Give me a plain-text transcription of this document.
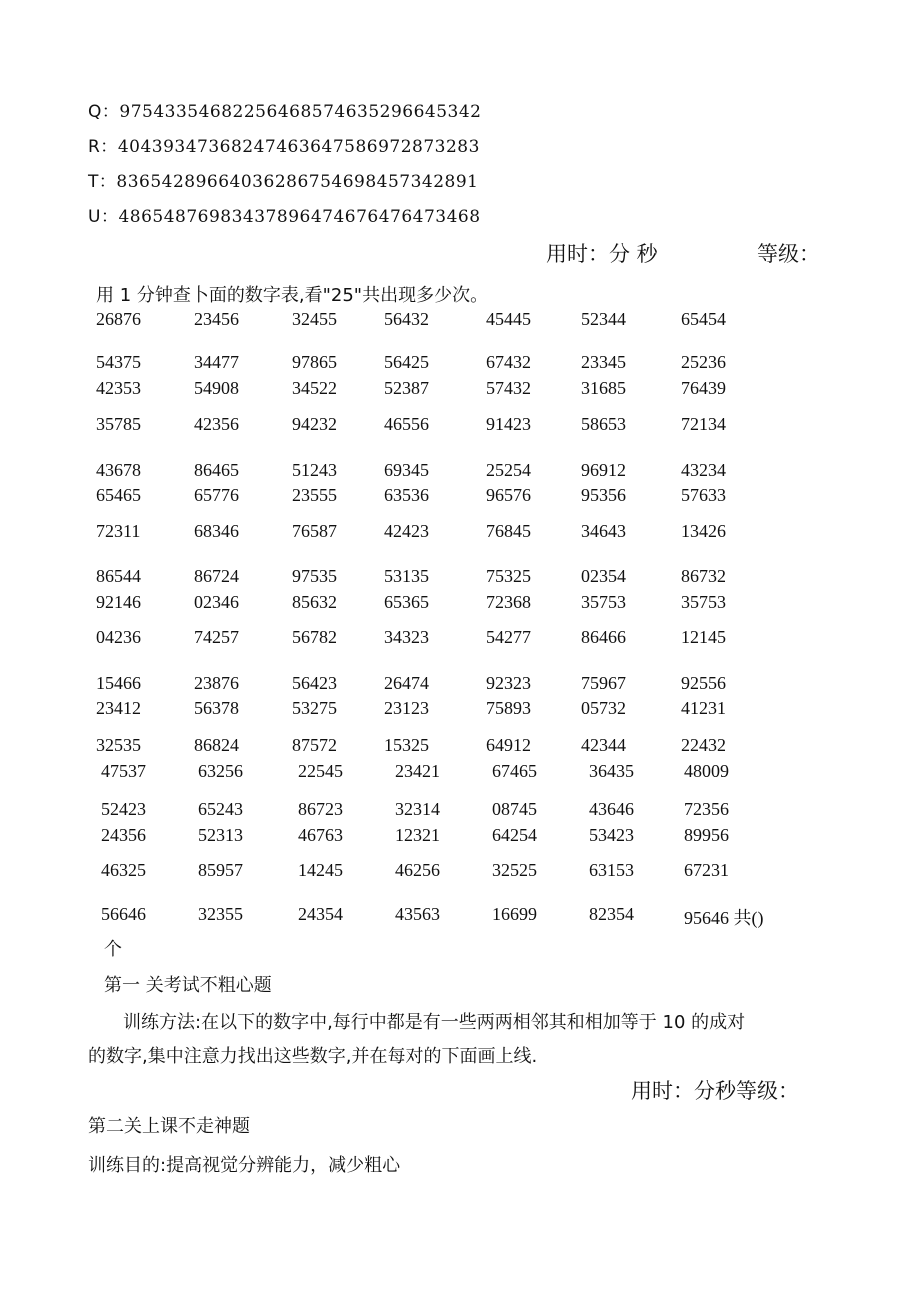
Q：97543354682256468574635296645342
R：40439347368247463647586972873283
T：83654289664036286754698457342891
U：48654876983437896474676476473468
用时：分 秒	等级：
用 1 分钟查卜面的数字表,看"25"共出现多少次。
26876	23456	32455	56432	45445	52344	65454
54375	34477	97865	56425	67432	23345	25236
42353	54908	34522	52387	57432	31685	76439
35785	42356	94232	46556	91423	58653	72134
43678	86465	51243	69345	25254	96912	43234
65465	65776	23555	63536	96576	95356	57633
72311	68346	76587	42423	76845	34643	13426
86544	86724	97535	53135	75325	02354	86732
92146	02346	85632	65365	72368	35753	35753
04236	74257	56782	34323	54277	86466	12145
15466	23876	56423	26474	92323	75967	92556
23412	56378	53275	23123	75893	05732	41231
32535	86824	87572	15325	64912	42344	22432
47537	63256	22545	23421	67465	36435	48009
52423	65243	86723	32314	08745	43646	72356
24356	52313	46763	12321	64254	53423	89956
46325	85957	14245	46256	32525	63153	67231
56646	32355	24354	43563	16699	82354	95646 共()
个
第一 关考试不粗心题
训练方法:在以下的数字中,每行中都是有一些两两相邻其和相加等于 10 的成对
的数字,集中注意力找出这些数字,并在每对的下面画上线.
用时：分秒等级：
第二关上课不走神题
训练目的:提高视觉分辨能力，减少粗心
